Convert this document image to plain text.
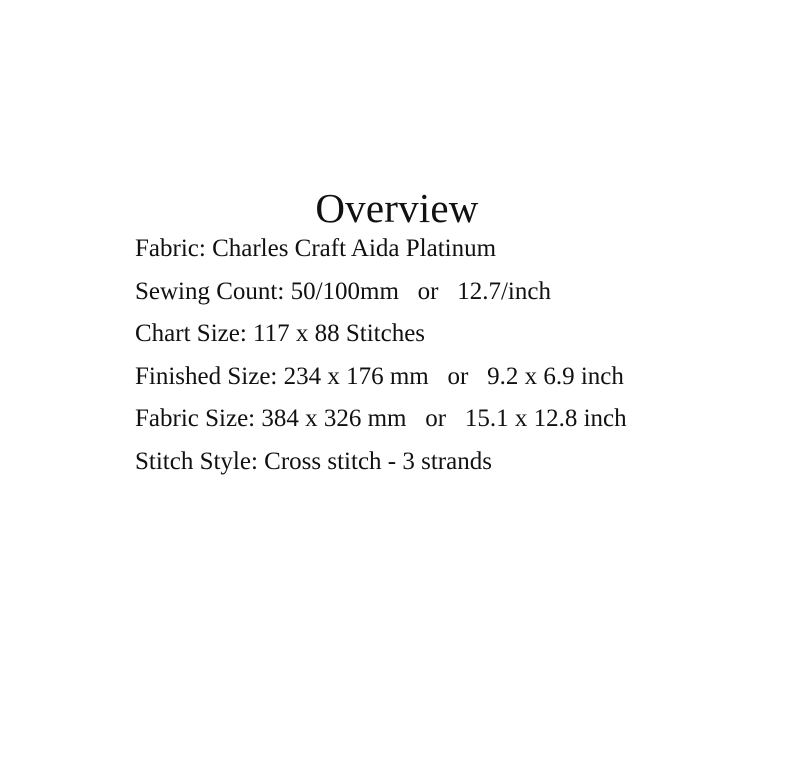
Overview
Fabric: Charles Craft Aida Platinum
Sewing Count: 50/100mm   or   12.7/inch
Chart Size: 117 x 88 Stitches
Finished Size: 234 x 176 mm   or   9.2 x 6.9 inch
Fabric Size: 384 x 326 mm   or   15.1 x 12.8 inch
Stitch Style: Cross stitch - 3 strands
